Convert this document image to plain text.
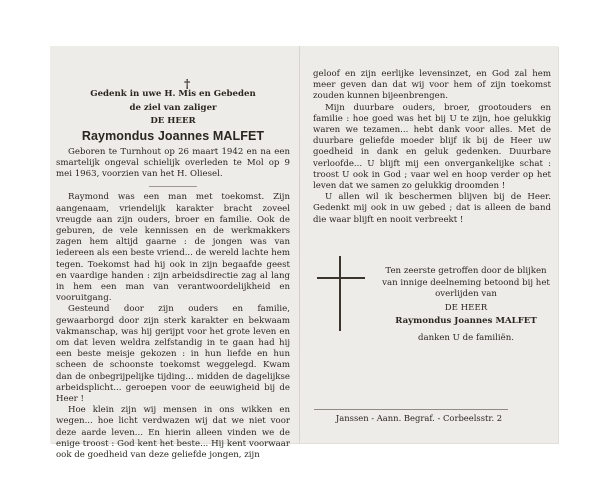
†
Gedenk in uwe H. Mis en Gebeden
de ziel van zaliger
DE HEER
Raymondus Joannes MALFET

Geboren te Turnhout op 26 maart 1942 en na een smartelijk ongeval schielijk overleden te Mol op 9 mei 1963, voorzien van het H. Oliesel.

Raymond was een man met toekomst. Zijn aangenaam, vriendelijk karakter bracht zoveel vreugde aan zijn ouders, broer en familie. Ook de geburen, de vele kennissen en de werkmakkers zagen hem altijd gaarne : de jongen was van iedereen als een beste vriend... de wereld lachte hem tegen. Toekomst had hij ook in zijn begaafde geest en vaardige handen : zijn arbeidsdirectie zag al lang in hem een man van verantwoordelijkheid en vooruitgang.

Gesteund door zijn ouders en familie, gewaarborgd door zijn sterk karakter en bekwaam vakmanschap, was hij gerijpt voor het grote leven en om dat leven weldra zelfstandig in te gaan had hij een beste meisje gekozen : in hun liefde en hun scheen de schoonste toekomst weggelegd. Kwam dan de onbegrijpelijke tijding... midden de dagelijkse arbeidsplicht... geroepen voor de eeuwigheid bij de Heer !

Hoe klein zijn wij mensen in ons wikken en wegen... hoe licht verdwazen wij dat we niet voor deze aarde leven... En hierin alleen vinden we de enige troost : God kent het beste... Hij kent voorwaar ook de goedheid van deze geliefde jongen, zijn

geloof en zijn eerlijke levensinzet, en God zal hem meer geven dan dat wij voor hem of zijn toekomst zouden kunnen bijeenbrengen.

Mijn duurbare ouders, broer, grootouders en familie : hoe goed was het bij U te zijn, hoe gelukkig waren we tezamen... hebt dank voor alles. Met de duurbare geliefde moeder blijf ik bij de Heer uw goedheid in dank en geluk gedenken. Duurbare verloofde... U blijft mij een onvergankelijke schat : troost U ook in God ; vaar wel en hoop verder op het leven dat we samen zo gelukkig droomden !

U allen wil ik beschermen blijven bij de Heer. Gedenkt mij ook in uw gebed ; dat is alleen de band die waar blijft en nooit verbreekt !

Ten zeerste getroffen door de blijken van innige deelneming betoond bij het overlijden van

DE HEER

Raymondus Joannes MALFET

danken U de familiën.

Janssen - Aann. Begraf. - Corbeelsstr. 2
